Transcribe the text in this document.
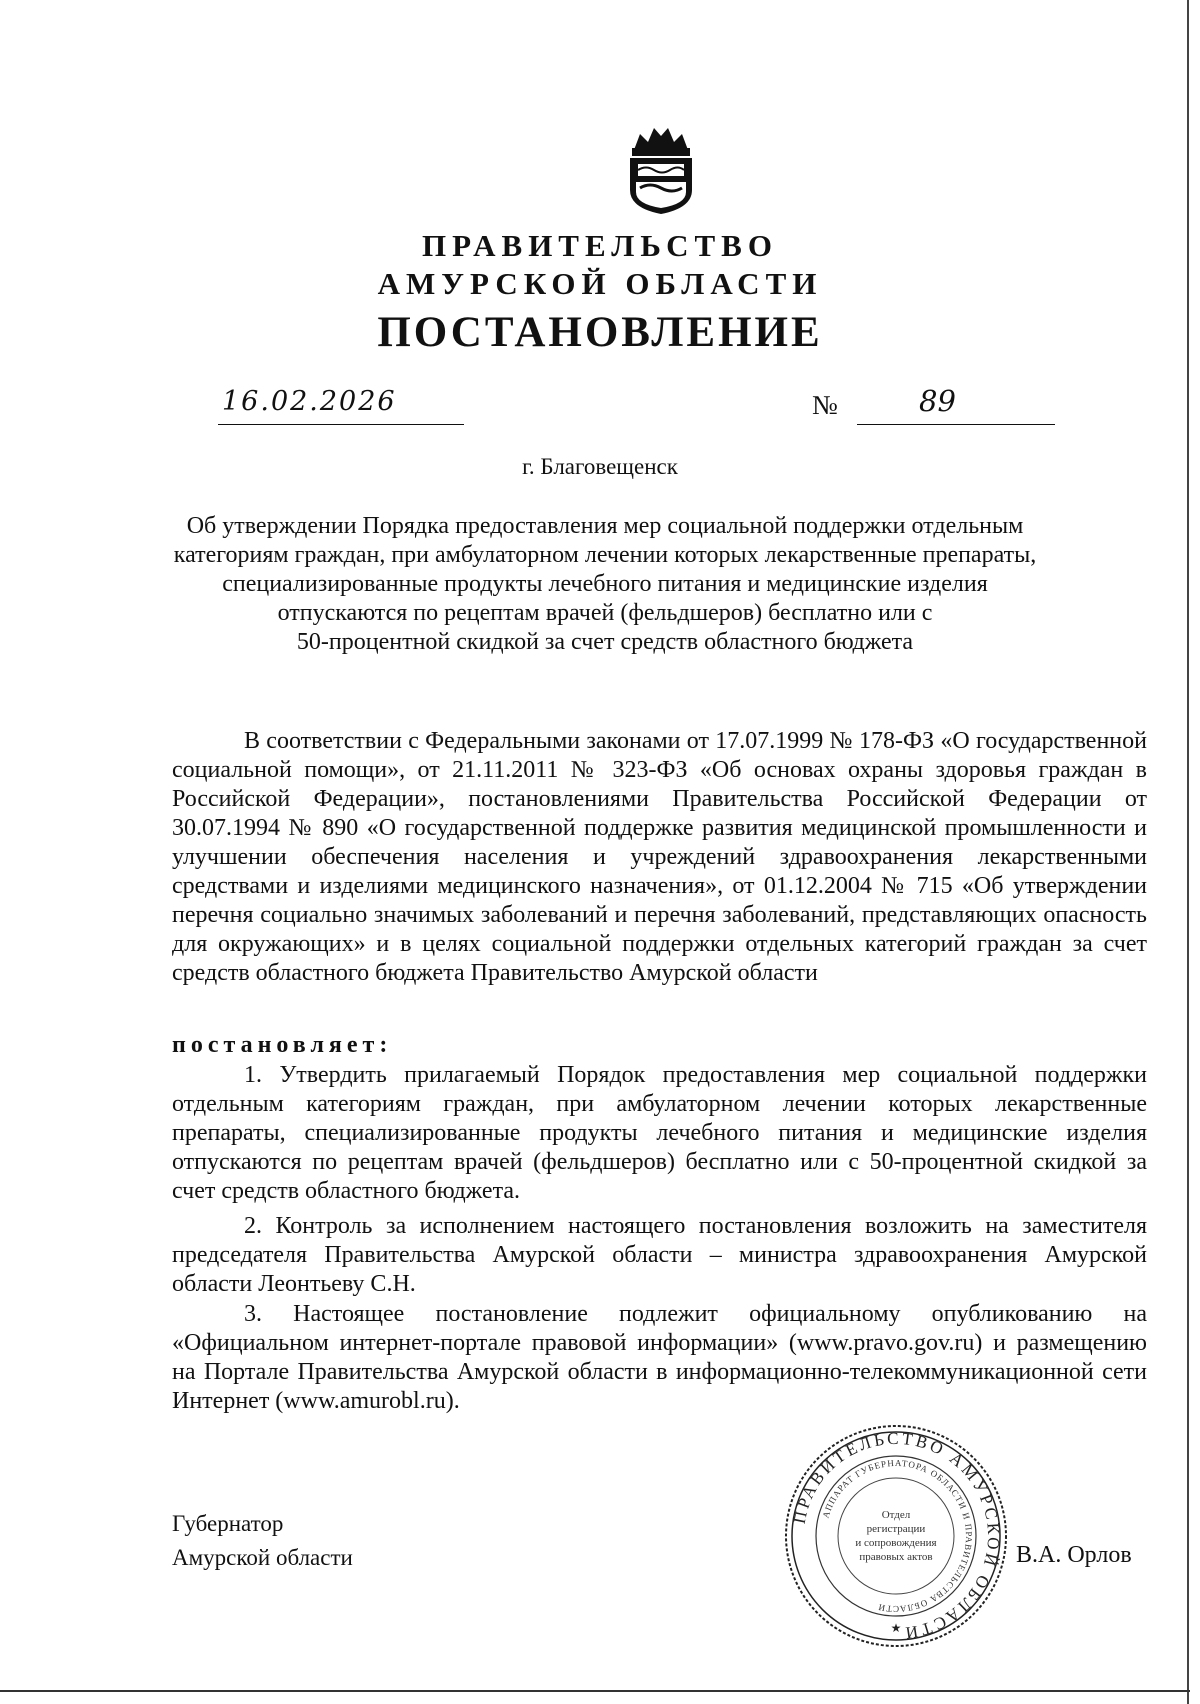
ПРАВИТЕЛЬСТВО
АМУРСКОЙ ОБЛАСТИ
ПОСТАНОВЛЕНИЕ
16.02.2026	№	89
г. Благовещенск
Об утверждении Порядка предоставления мер социальной поддержки отдельным
категориям граждан, при амбулаторном лечении которых лекарственные препараты,
специализированные продукты лечебного питания и медицинские изделия
отпускаются по рецептам врачей (фельдшеров) бесплатно или с
50-процентной скидкой за счет средств областного бюджета
В соответствии с Федеральными законами от 17.07.1999 № 178-ФЗ «О государственной социальной помощи», от 21.11.2011 № 323-ФЗ «Об основах охраны здоровья граждан в Российской Федерации», постановлениями Правительства Российской Федерации от 30.07.1994 № 890 «О государственной поддержке развития медицинской промышленности и улучшении обеспечения населения и учреждений здравоохранения лекарственными средствами и изделиями медицинского назначения», от 01.12.2004 № 715 «Об утверждении перечня социально значимых заболеваний и перечня заболеваний, представляющих опасность для окружающих» и в целях социальной поддержки отдельных категорий граждан за счет средств областного бюджета Правительство Амурской области
постановляет:
1. Утвердить прилагаемый Порядок предоставления мер социальной поддержки отдельным категориям граждан, при амбулаторном лечении которых лекарственные препараты, специализированные продукты лечебного питания и медицинские изделия отпускаются по рецептам врачей (фельдшеров) бесплатно или с 50-процентной скидкой за счет средств областного бюджета.
2. Контроль за исполнением настоящего постановления возложить на заместителя председателя Правительства Амурской области – министра здравоохранения Амурской области Леонтьеву С.Н.
3. Настоящее постановление подлежит официальному опубликованию на «Официальном интернет-портале правовой информации» (www.pravo.gov.ru) и размещению на Портале Правительства Амурской области в информационно-телекоммуникационной сети Интернет (www.amurobl.ru).
Губернатор
Амурской области	В.А. Орлов
ПРАВИТЕЛЬСТВО АМУРСКОЙ ОБЛАСТИ
АППАРАТ ГУБЕРНАТОРА ОБЛАСТИ И ПРАВИТЕЛЬСТВА ОБЛАСТИ
Отдел
регистрации
и сопровождения
правовых актов
★
